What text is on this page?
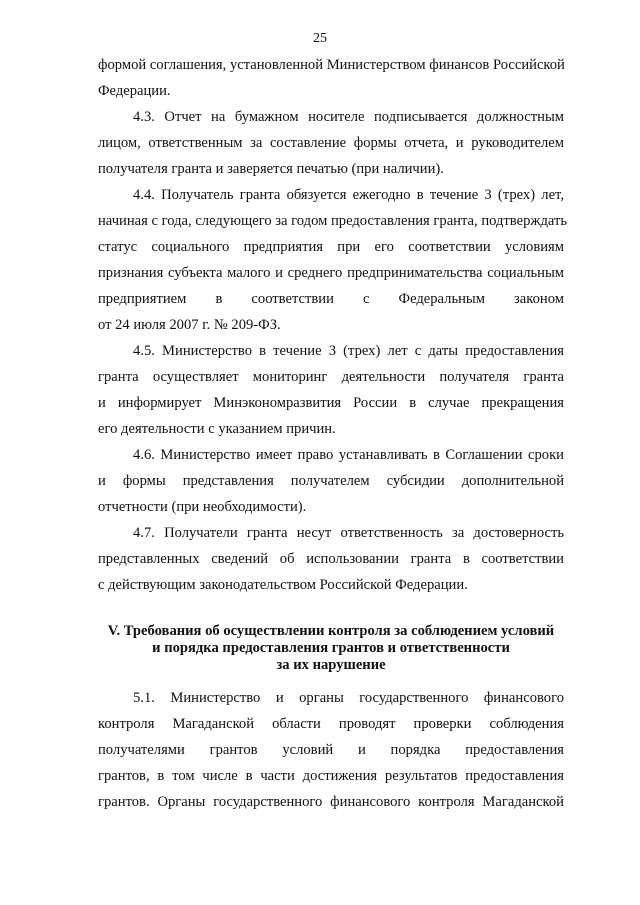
25
формой соглашения, установленной Министерством финансов Российской
Федерации.
4.3. Отчет на бумажном носителе подписывается должностным
лицом, ответственным за составление формы отчета, и руководителем
получателя гранта и заверяется печатью (при наличии).
4.4. Получатель гранта обязуется ежегодно в течение 3 (трех) лет,
начиная с года, следующего за годом предоставления гранта, подтверждать
статус социального предприятия при его соответствии условиям
признания субъекта малого и среднего предпринимательства социальным
предприятием в соответствии с Федеральным законом
от 24 июля 2007 г. № 209-ФЗ.
4.5. Министерство в течение 3 (трех) лет с даты предоставления
гранта осуществляет мониторинг деятельности получателя гранта
и информирует Минэкономразвития России в случае прекращения
его деятельности с указанием причин.
4.6. Министерство имеет право устанавливать в Соглашении сроки
и формы представления получателем субсидии дополнительной
отчетности (при необходимости).
4.7. Получатели гранта несут ответственность за достоверность
представленных сведений об использовании гранта в соответствии
с действующим законодательством Российской Федерации.
V. Требования об осуществлении контроля за соблюдением условий
и порядка предоставления грантов и ответственности
за их нарушение
5.1. Министерство и органы государственного финансового
контроля Магаданской области проводят проверки соблюдения
получателями грантов условий и порядка предоставления
грантов, в том числе в части достижения результатов предоставления
грантов. Органы государственного финансового контроля Магаданской
